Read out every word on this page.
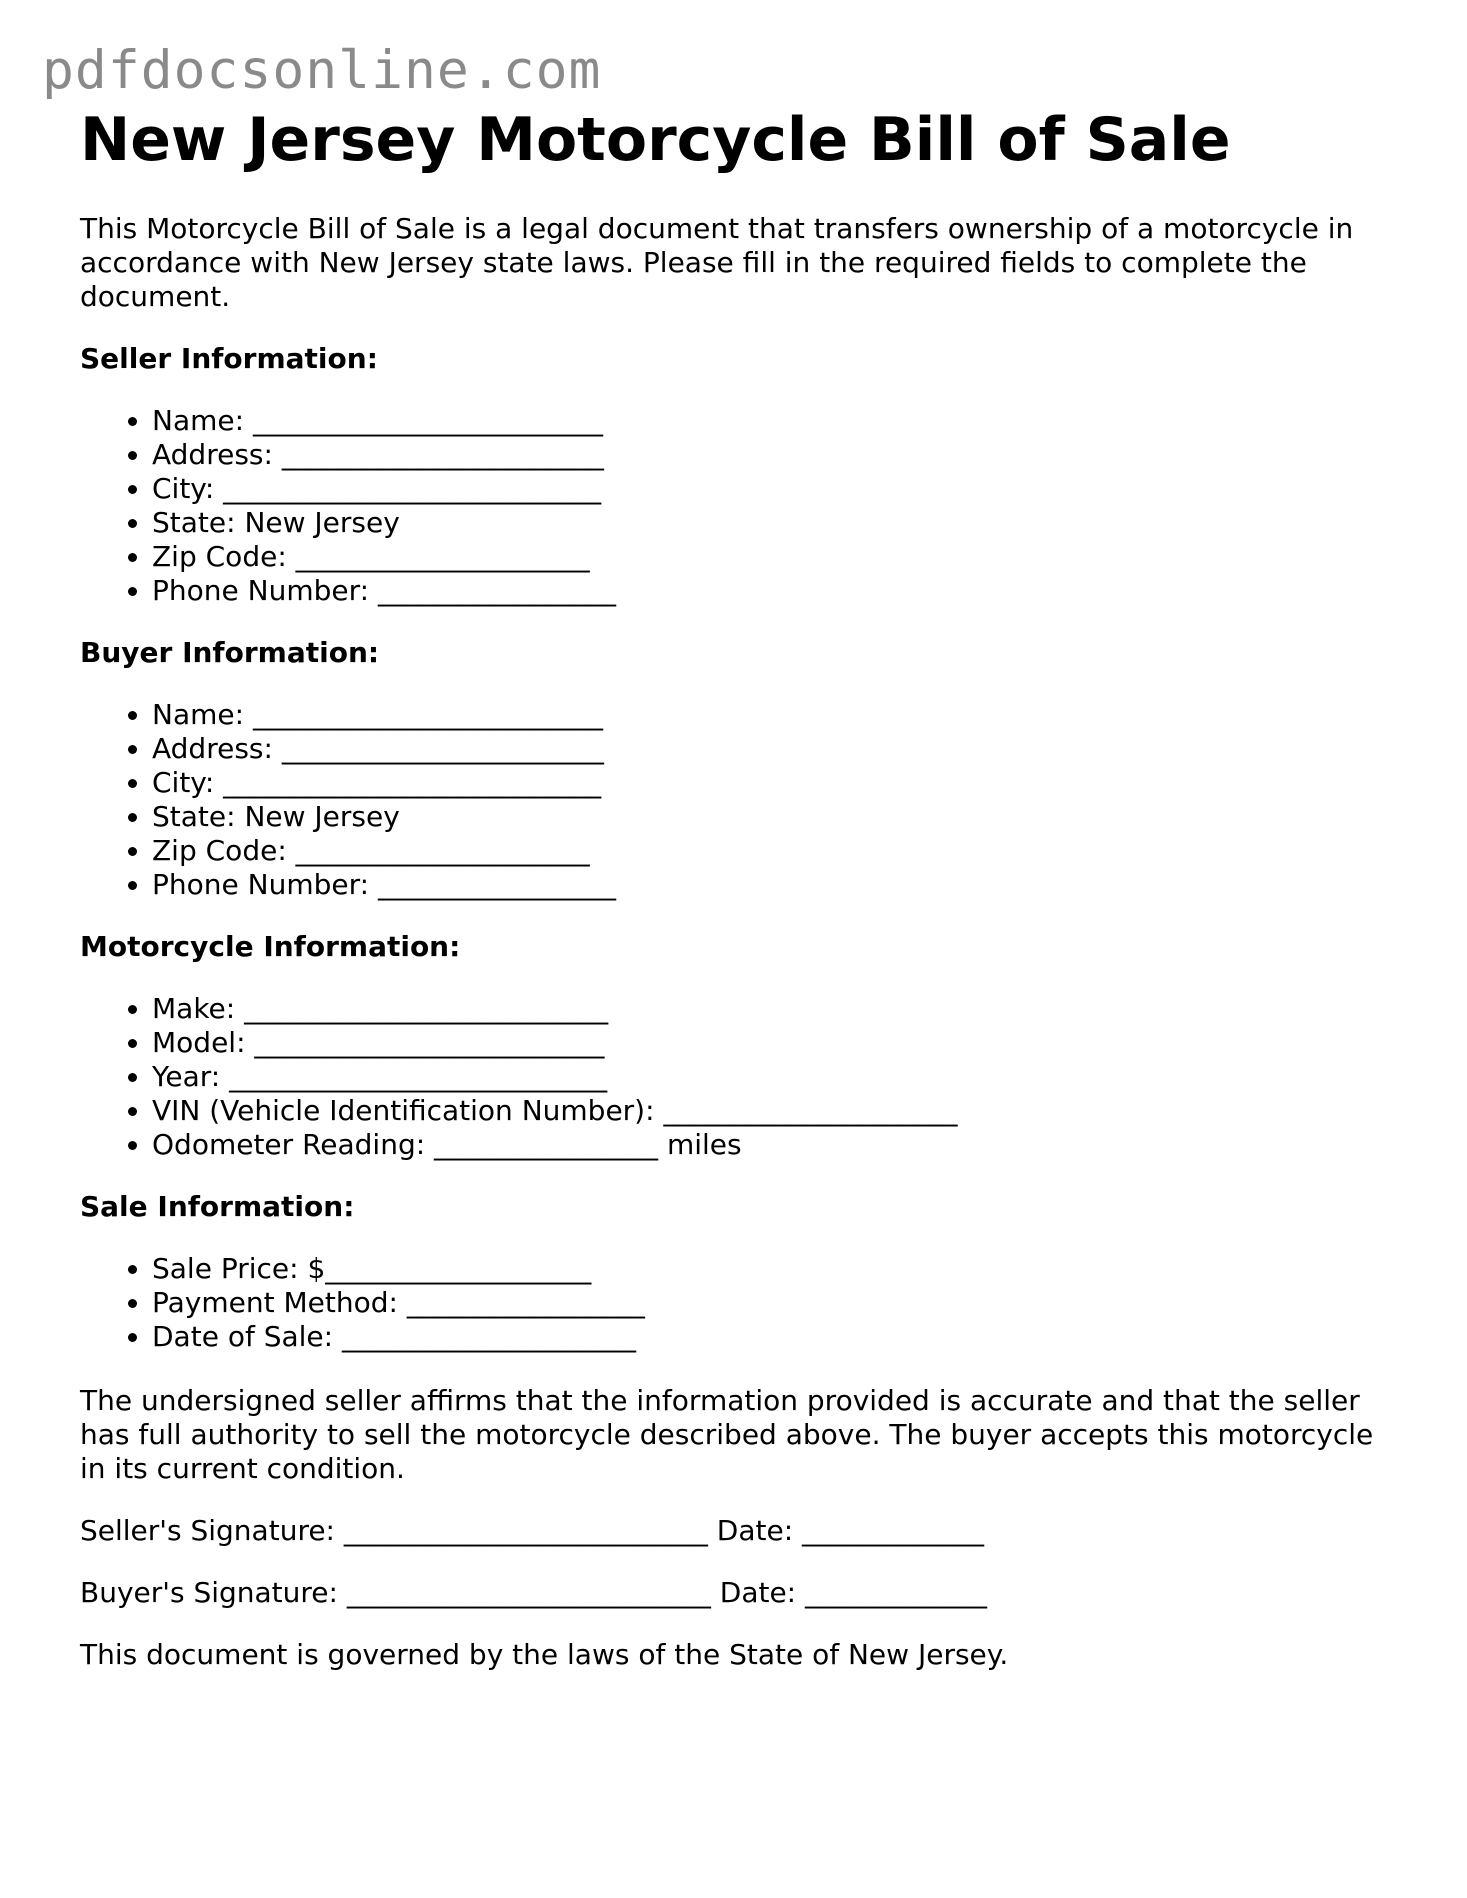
pdfdocsonline.com
New Jersey Motorcycle Bill of Sale

This Motorcycle Bill of Sale is a legal document that transfers ownership of a motorcycle in accordance with New Jersey state laws. Please fill in the required fields to complete the document.

Seller Information:
• Name: _________________________
• Address: _______________________
• City: ___________________________
• State: New Jersey
• Zip Code: _____________________
• Phone Number: _________________
Buyer Information:
• Name: _________________________
• Address: _______________________
• City: ___________________________
• State: New Jersey
• Zip Code: _____________________
• Phone Number: _________________
Motorcycle Information:
• Make: __________________________
• Model: _________________________
• Year: ___________________________
• VIN (Vehicle Identification Number): _____________________
• Odometer Reading: ________________ miles
Sale Information:
• Sale Price: $___________________
• Payment Method: _________________
• Date of Sale: _____________________

The undersigned seller affirms that the information provided is accurate and that the seller has full authority to sell the motorcycle described above. The buyer accepts this motorcycle in its current condition.

Seller's Signature: __________________________ Date: _____________

Buyer's Signature: __________________________ Date: _____________

This document is governed by the laws of the State of New Jersey.
